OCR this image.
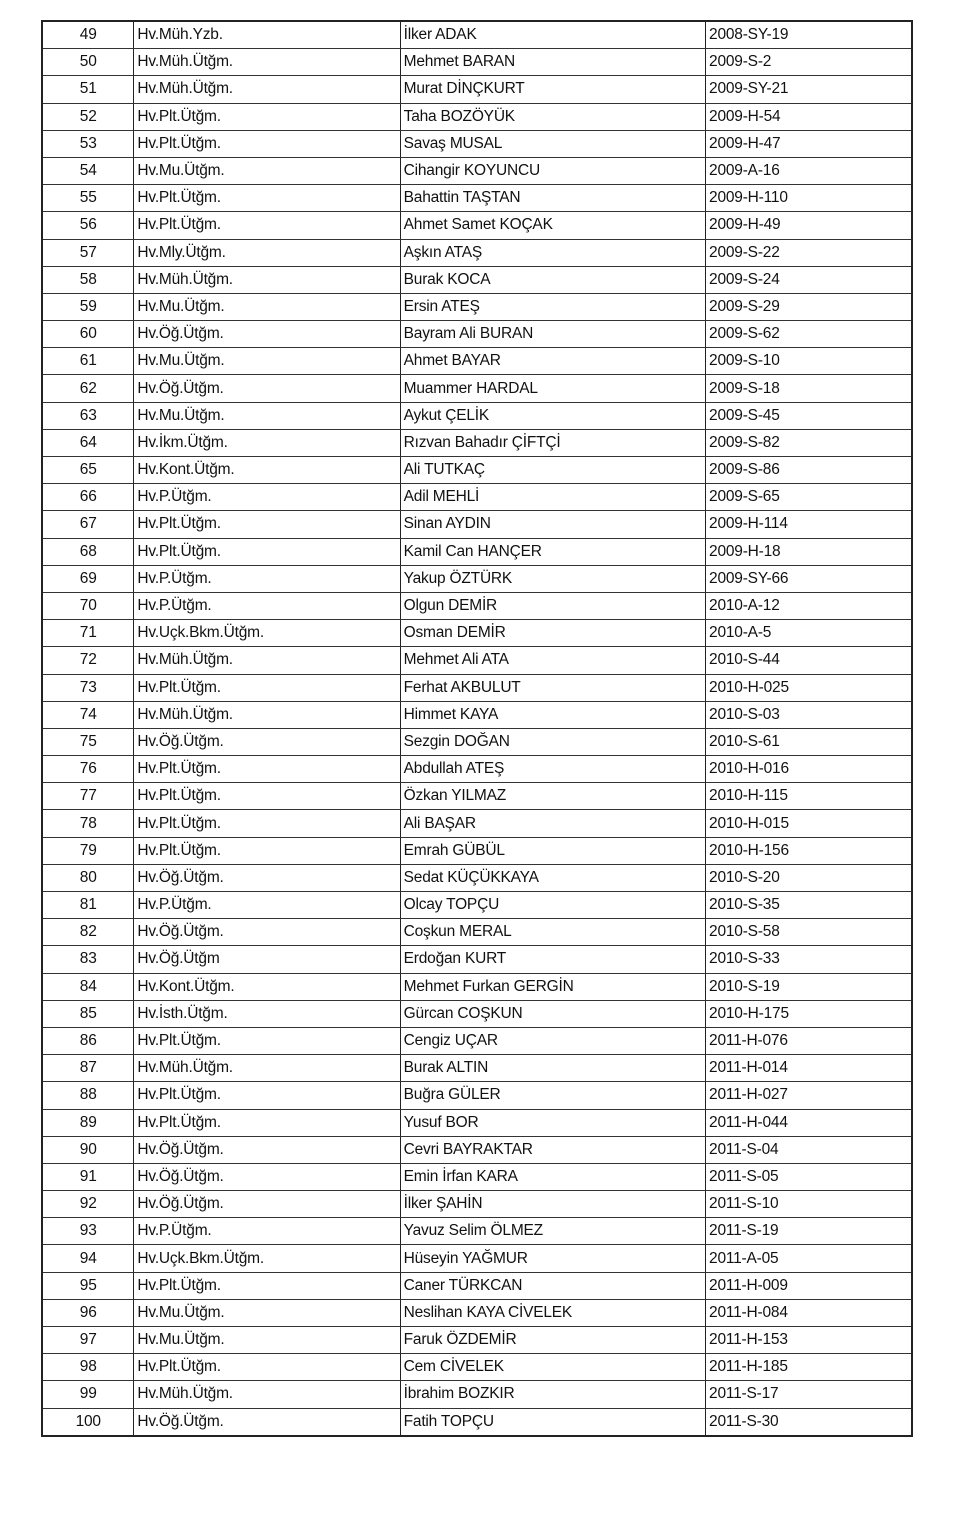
49	Hv.Müh.Yzb.	İlker ADAK	2008-SY-19
50	Hv.Müh.Ütğm.	Mehmet BARAN	2009-S-2
51	Hv.Müh.Ütğm.	Murat DİNÇKURT	2009-SY-21
52	Hv.Plt.Ütğm.	Taha BOZÖYÜK	2009-H-54
53	Hv.Plt.Ütğm.	Savaş MUSAL	2009-H-47
54	Hv.Mu.Ütğm.	Cihangir KOYUNCU	2009-A-16
55	Hv.Plt.Ütğm.	Bahattin TAŞTAN	2009-H-110
56	Hv.Plt.Ütğm.	Ahmet Samet KOÇAK	2009-H-49
57	Hv.Mly.Ütğm.	Aşkın ATAŞ	2009-S-22
58	Hv.Müh.Ütğm.	Burak KOCA	2009-S-24
59	Hv.Mu.Ütğm.	Ersin ATEŞ	2009-S-29
60	Hv.Öğ.Ütğm.	Bayram Ali BURAN	2009-S-62
61	Hv.Mu.Ütğm.	Ahmet BAYAR	2009-S-10
62	Hv.Öğ.Ütğm.	Muammer HARDAL	2009-S-18
63	Hv.Mu.Ütğm.	Aykut ÇELİK	2009-S-45
64	Hv.İkm.Ütğm.	Rızvan Bahadır ÇİFTÇİ	2009-S-82
65	Hv.Kont.Ütğm.	Ali TUTKAÇ	2009-S-86
66	Hv.P.Ütğm.	Adil MEHLİ	2009-S-65
67	Hv.Plt.Ütğm.	Sinan AYDIN	2009-H-114
68	Hv.Plt.Ütğm.	Kamil Can HANÇER	2009-H-18
69	Hv.P.Ütğm.	Yakup ÖZTÜRK	2009-SY-66
70	Hv.P.Ütğm.	Olgun DEMİR	2010-A-12
71	Hv.Uçk.Bkm.Ütğm.	Osman DEMİR	2010-A-5
72	Hv.Müh.Ütğm.	Mehmet Ali ATA	2010-S-44
73	Hv.Plt.Ütğm.	Ferhat AKBULUT	2010-H-025
74	Hv.Müh.Ütğm.	Himmet KAYA	2010-S-03
75	Hv.Öğ.Ütğm.	Sezgin DOĞAN	2010-S-61
76	Hv.Plt.Ütğm.	Abdullah ATEŞ	2010-H-016
77	Hv.Plt.Ütğm.	Özkan YILMAZ	2010-H-115
78	Hv.Plt.Ütğm.	Ali BAŞAR	2010-H-015
79	Hv.Plt.Ütğm.	Emrah GÜBÜL	2010-H-156
80	Hv.Öğ.Ütğm.	Sedat KÜÇÜKKAYA	2010-S-20
81	Hv.P.Ütğm.	Olcay TOPÇU	2010-S-35
82	Hv.Öğ.Ütğm.	Coşkun MERAL	2010-S-58
83	Hv.Öğ.Ütğm	Erdoğan KURT	2010-S-33
84	Hv.Kont.Ütğm.	Mehmet Furkan GERGİN	2010-S-19
85	Hv.İsth.Ütğm.	Gürcan COŞKUN	2010-H-175
86	Hv.Plt.Ütğm.	Cengiz UÇAR	2011-H-076
87	Hv.Müh.Ütğm.	Burak ALTIN	2011-H-014
88	Hv.Plt.Ütğm.	Buğra GÜLER	2011-H-027
89	Hv.Plt.Ütğm.	Yusuf BOR	2011-H-044
90	Hv.Öğ.Ütğm.	Cevri BAYRAKTAR	2011-S-04
91	Hv.Öğ.Ütğm.	Emin İrfan KARA	2011-S-05
92	Hv.Öğ.Ütğm.	İlker ŞAHİN	2011-S-10
93	Hv.P.Ütğm.	Yavuz Selim ÖLMEZ	2011-S-19
94	Hv.Uçk.Bkm.Ütğm.	Hüseyin YAĞMUR	2011-A-05
95	Hv.Plt.Ütğm.	Caner TÜRKCAN	2011-H-009
96	Hv.Mu.Ütğm.	Neslihan KAYA CİVELEK	2011-H-084
97	Hv.Mu.Ütğm.	Faruk ÖZDEMİR	2011-H-153
98	Hv.Plt.Ütğm.	Cem CİVELEK	2011-H-185
99	Hv.Müh.Ütğm.	İbrahim BOZKIR	2011-S-17
100	Hv.Öğ.Ütğm.	Fatih TOPÇU	2011-S-30
